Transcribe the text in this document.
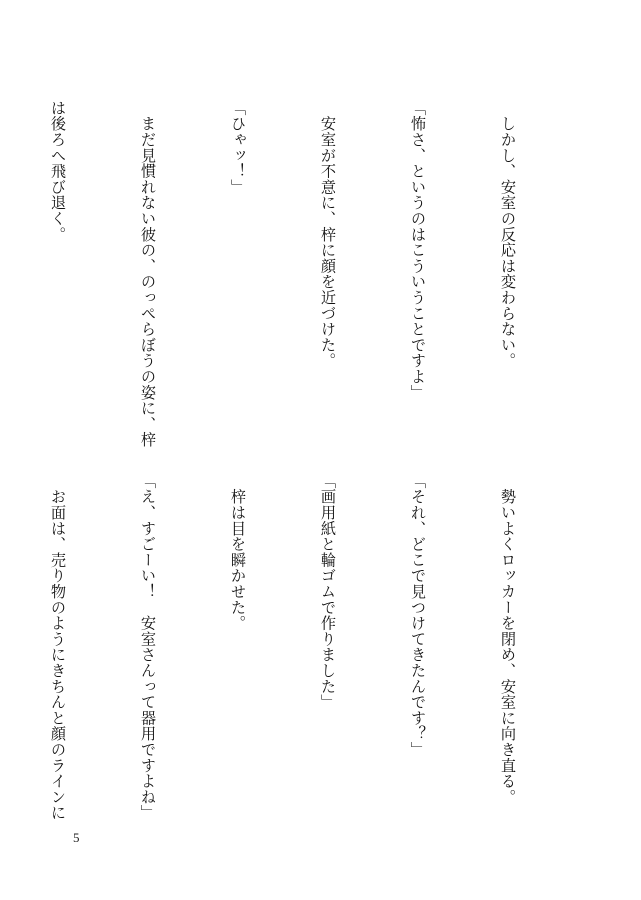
　しかし、安室の反応は変わらない。

「怖さ、というのはこういうことですよ」

　安室が不意に、梓に顔を近づけた。

「ひゃッ！」

　まだ見慣れない彼の、のっぺらぼうの姿に、梓

は後ろへ飛び退く。

　勢いよくロッカーを閉め、安室に向き直る。

「それ、どこで見つけてきたんです？」

「画用紙と輪ゴムで作りました」

　梓は目を瞬かせた。

「え、すごーい！　安室さんって器用ですよね」

　お面は、売り物のようにきちんと顔のラインに

5
